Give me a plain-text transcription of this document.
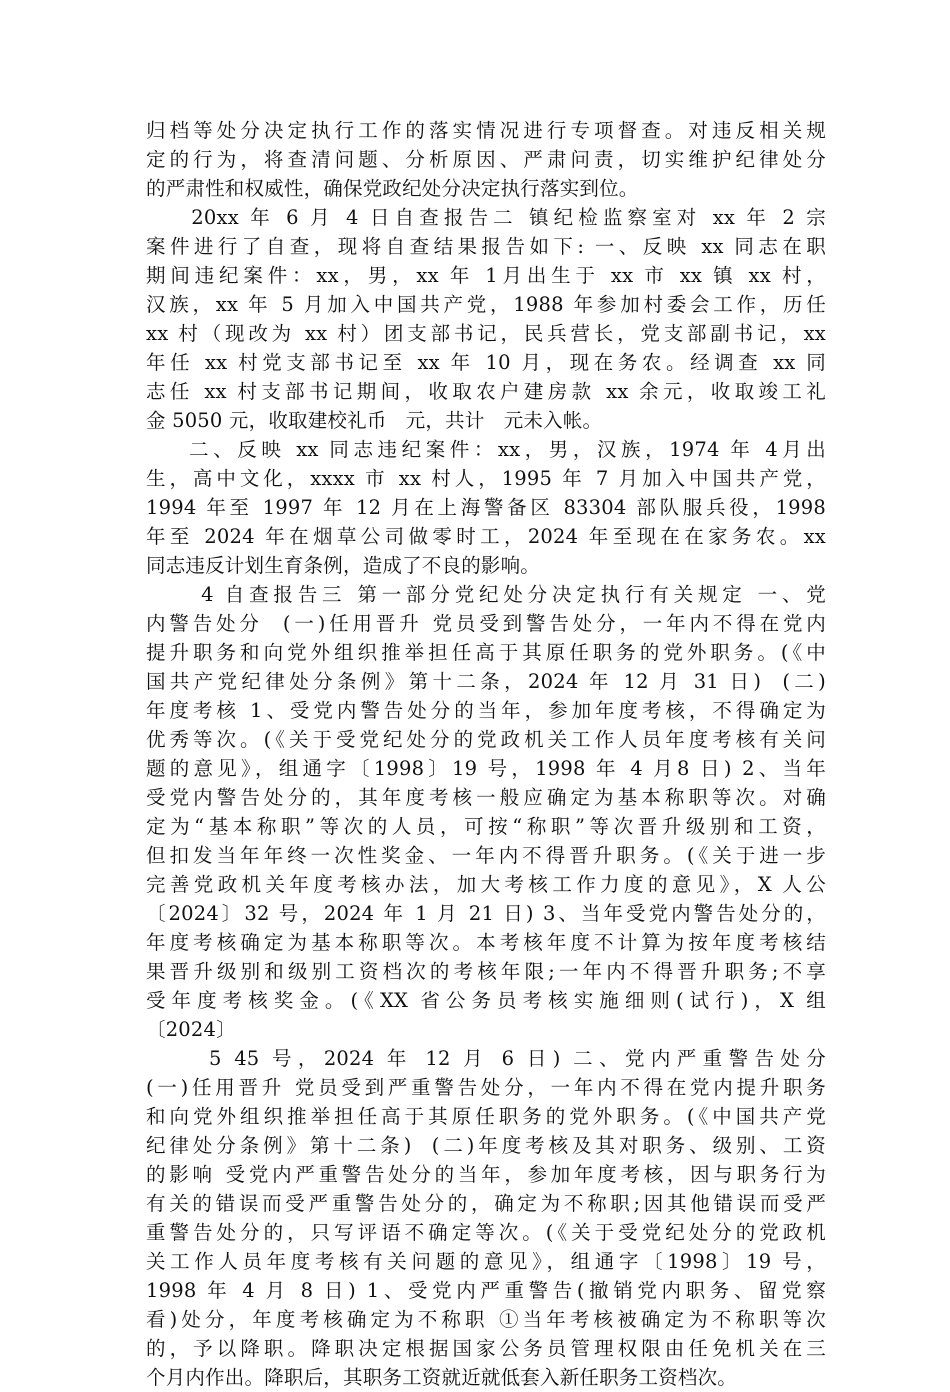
归档等处分决定执行工作的落实情况进行专项督查。对违反相关规
定的行为，将查清问题、分析原因、严肃问责，切实维护纪律处分
的严肃性和权威性，确保党政纪处分决定执行落实到位。
20xx 年 6 月 4 日自查报告二 镇纪检监察室对 xx 年 2 宗
案件进行了自查，现将自查结果报告如下: 一、反映 xx 同志在职
期间违纪案件：xx，男，xx 年 1月出生于 xx 市 xx 镇 xx 村，
汉族，xx 年 5 月加入中国共产党，1988 年参加村委会工作，历任
xx 村（现改为 xx 村）团支部书记，民兵营长，党支部副书记，xx
年任 xx 村党支部书记至 xx 年 10 月，现在务农。经调查 xx 同
志任 xx 村支部书记期间，收取农户建房款 xx 余元，收取竣工礼
金 5050 元，收取建校礼币   元，共计   元未入帐。
二、反映 xx 同志违纪案件：xx，男，汉族，1974 年 4月出
生，高中文化，xxxx 市 xx 村人，1995 年 7 月加入中国共产党，
1994 年至 1997 年 12 月在上海警备区 83304 部队服兵役，1998
年至 2024 年在烟草公司做零时工，2024 年至现在在家务农。xx
同志违反计划生育条例，造成了不良的影响。
4 自查报告三 第一部分党纪处分决定执行有关规定 一、党
内警告处分  (一)任用晋升 党员受到警告处分，一年内不得在党内
提升职务和向党外组织推举担任高于其原任职务的党外职务。(《中
国共产党纪律处分条例》第十二条，2024 年 12 月 31 日)  (二)
年度考核 1、受党内警告处分的当年，参加年度考核，不得确定为
优秀等次。(《关于受党纪处分的党政机关工作人员年度考核有关问
题的意见》，组通字〔1998〕19 号，1998 年 4 月8 日) 2、当年
受党内警告处分的，其年度考核一般应确定为基本称职等次。对确
定为“基本称职”等次的人员，可按“称职”等次晋升级别和工资，
但扣发当年年终一次性奖金、一年内不得晋升职务。(《关于进一步
完善党政机关年度考核办法，加大考核工作力度的意见》，X 人公
〔2024〕32 号，2024 年 1 月 21 日) 3、当年受党内警告处分的，
年度考核确定为基本称职等次。本考核年度不计算为按年度考核结
果晋升级别和级别工资档次的考核年限;一年内不得晋升职务;不享
受年度考核奖金。(《XX 省公务员考核实施细则(试行)，X 组
〔2024〕
5 45 号，2024 年 12 月 6 日) 二、党内严重警告处分
(一)任用晋升 党员受到严重警告处分，一年内不得在党内提升职务
和向党外组织推举担任高于其原任职务的党外职务。(《中国共产党
纪律处分条例》第十二条)  (二)年度考核及其对职务、级别、工资
的影响 受党内严重警告处分的当年，参加年度考核，因与职务行为
有关的错误而受严重警告处分的，确定为不称职;因其他错误而受严
重警告处分的，只写评语不确定等次。(《关于受党纪处分的党政机
关工作人员年度考核有关问题的意见》，组通字〔1998〕19 号，
1998 年 4 月 8 日) 1、受党内严重警告(撤销党内职务、留党察
看)处分，年度考核确定为不称职 ①当年考核被确定为不称职等次
的，予以降职。降职决定根据国家公务员管理权限由任免机关在三
个月内作出。降职后，其职务工资就近就低套入新任职务工资档次。
